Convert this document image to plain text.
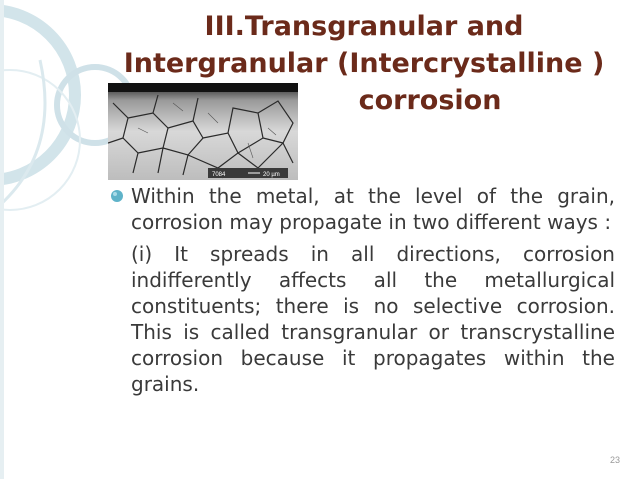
III.Transgranular and
Intergranular (Intercrystalline )
corrosion
7084	20 µm

Within the metal, at the level of the grain, corrosion may propagate in two different ways :

(i) It spreads in all directions, corrosion indifferently affects all the metallurgical constituents; there is no selective corrosion. This is called transgranular or transcrystalline corrosion because it propagates within the grains.

23
